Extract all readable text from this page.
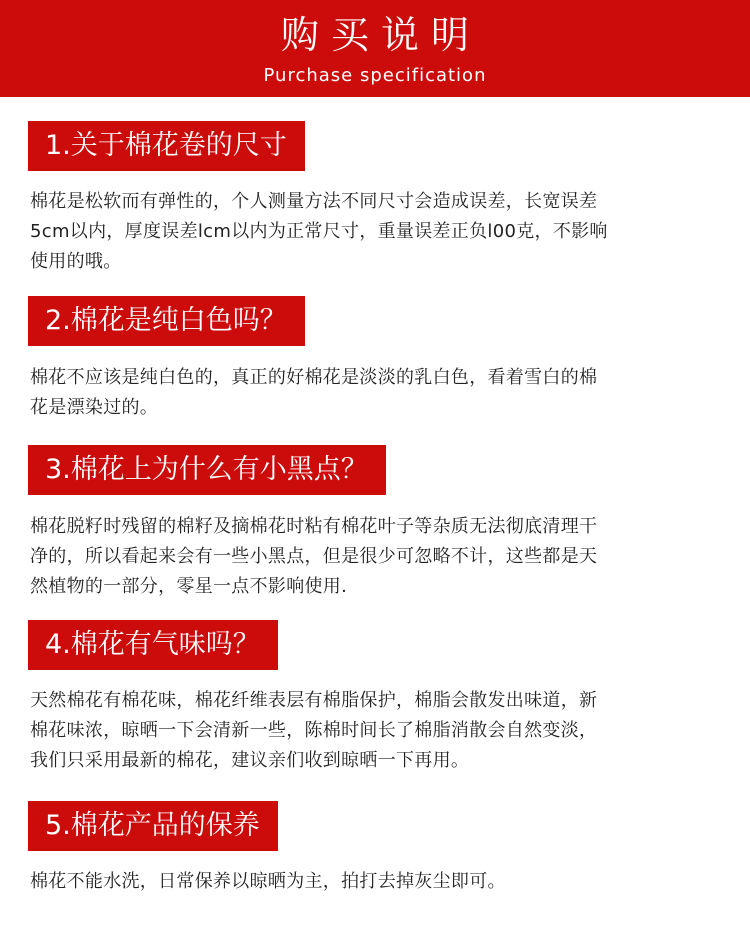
购买说明
Purchase specification
1.关于棉花卷的尺寸

棉花是松软而有弹性的，个人测量方法不同尺寸会造成误差，长宽误差

5cm以内，厚度误差lcm以内为正常尺寸，重量误差正负l00克，不影响

使用的哦。

2.棉花是纯白色吗？

棉花不应该是纯白色的，真正的好棉花是淡淡的乳白色，看着雪白的棉

花是漂染过的。

3.棉花上为什么有小黑点？

棉花脱籽时残留的棉籽及摘棉花时粘有棉花叶子等杂质无法彻底清理干

净的，所以看起来会有一些小黑点，但是很少可忽略不计，这些都是天

然植物的一部分，零星一点不影响使用.

4.棉花有气味吗？

天然棉花有棉花味，棉花纤维表层有棉脂保护，棉脂会散发出味道，新

棉花味浓，晾晒一下会清新一些，陈棉时间长了棉脂消散会自然变淡，

我们只采用最新的棉花，建议亲们收到晾晒一下再用。

5.棉花产品的保养

棉花不能水洗，日常保养以晾晒为主，拍打去掉灰尘即可。
